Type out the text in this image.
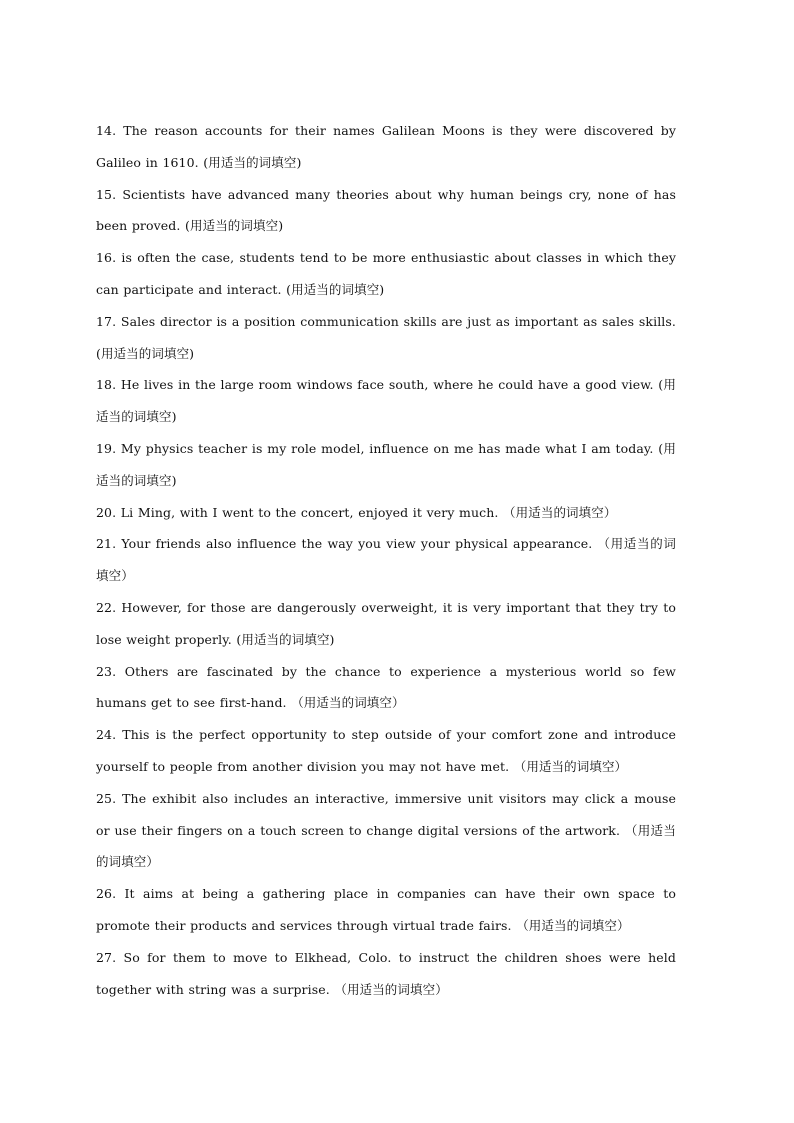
14. The reason accounts for their names Galilean Moons is they were discovered by Galileo in 1610. (用适当的词填空)

15. Scientists have advanced many theories about why human beings cry, none of has been proved. (用适当的词填空)

16. is often the case, students tend to be more enthusiastic about classes in which they can participate and interact. (用适当的词填空)

17. Sales director is a position communication skills are just as important as sales skills. (用适当的词填空)

18. He lives in the large room windows face south, where he could have a good view. (用适当的词填空)

19. My physics teacher is my role model, influence on me has made what I am today. (用适当的词填空)

20. Li Ming, with I went to the concert, enjoyed it very much. （用适当的词填空）

21. Your friends also influence the way you view your physical appearance. （用适当的词填空）

22. However, for those are dangerously overweight, it is very important that they try to lose weight properly. (用适当的词填空)

23. Others are fascinated by the chance to experience a mysterious world so few humans get to see first-hand. （用适当的词填空）

24. This is the perfect opportunity to step outside of your comfort zone and introduce yourself to people from another division you may not have met. （用适当的词填空）

25. The exhibit also includes an interactive, immersive unit visitors may click a mouse or use their fingers on a touch screen to change digital versions of the artwork. （用适当的词填空）

26. It aims at being a gathering place in companies can have their own space to promote their products and services through virtual trade fairs. （用适当的词填空）

27. So for them to move to Elkhead, Colo. to instruct the children shoes were held together with string was a surprise. （用适当的词填空）
